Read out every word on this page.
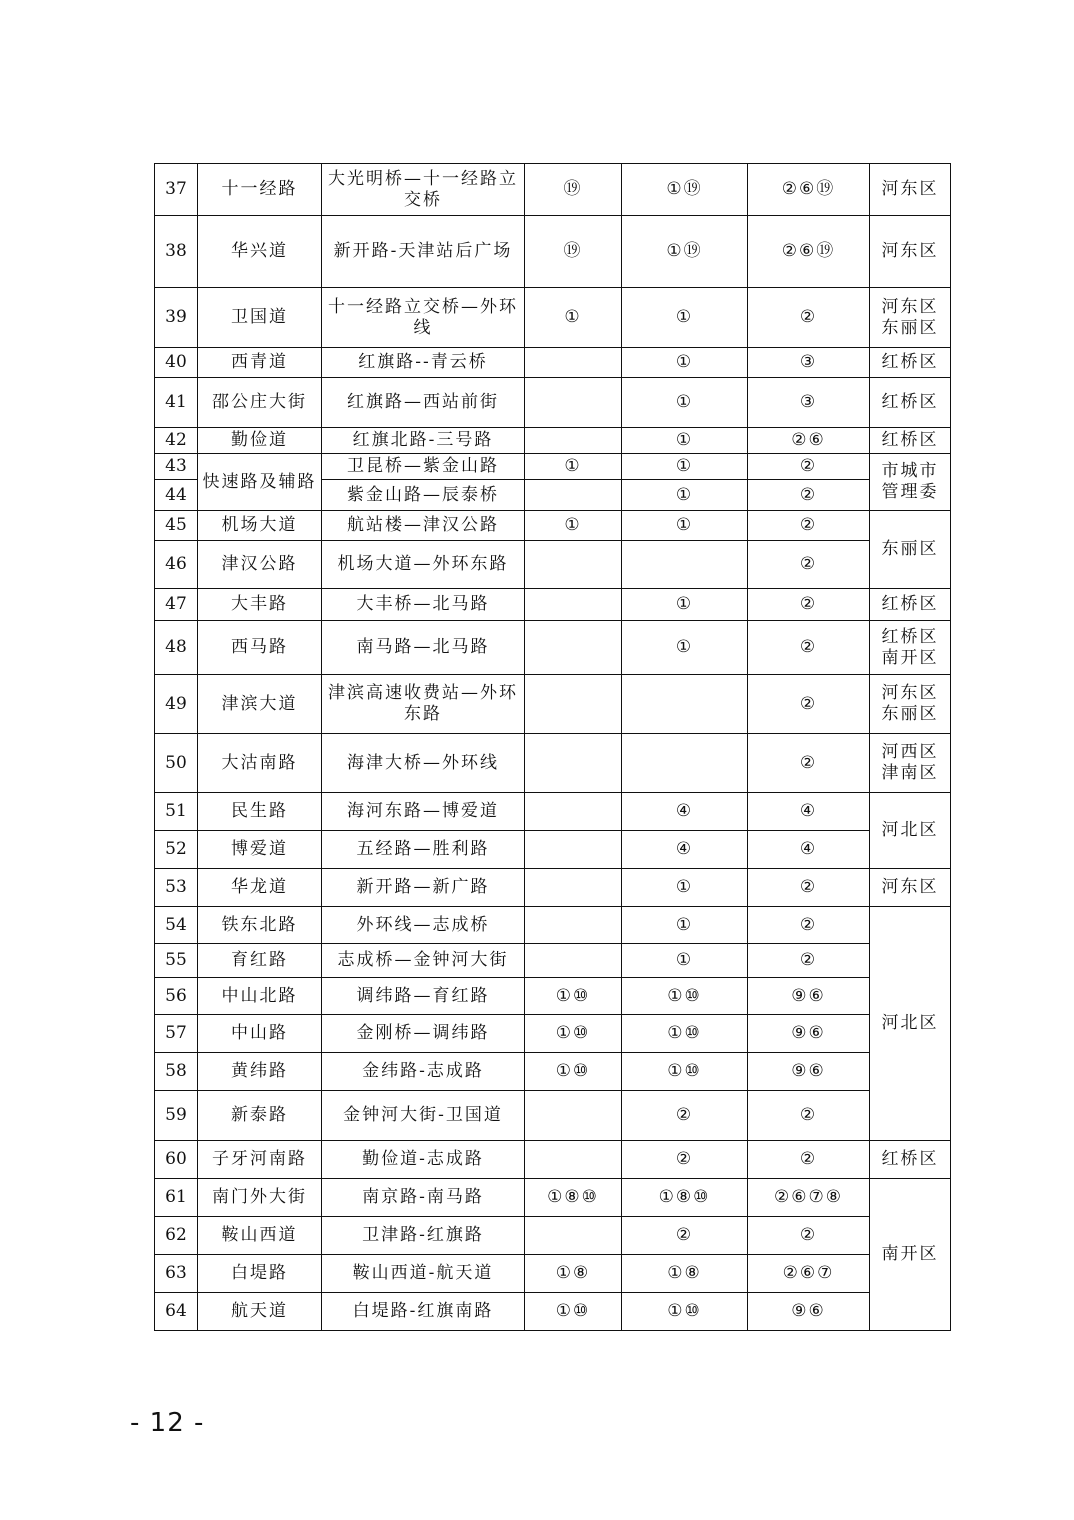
37	十一经路	大光明桥—十一经路立交桥	⑲	①⑲	②⑥⑲	河东区
38	华兴道	新开路-天津站后广场	⑲	①⑲	②⑥⑲	河东区
39	卫国道	十一经路立交桥—外环线	①	①	②	河东区东丽区
40	西青道	红旗路--青云桥		①	③	红桥区
41	邵公庄大街	红旗路—西站前街		①	③	红桥区
42	勤俭道	红旗北路-三号路		①	②⑥	红桥区
43	快速路及辅路	卫昆桥—紫金山路	①	①	②	市城市管理委
44		紫金山路—辰泰桥		①	②	
45	机场大道	航站楼—津汉公路	①	①	②	东丽区
46	津汉公路	机场大道—外环东路			②	
47	大丰路	大丰桥—北马路		①	②	红桥区
48	西马路	南马路—北马路		①	②	红桥区南开区
49	津滨大道	津滨高速收费站—外环东路			②	河东区东丽区
50	大沽南路	海津大桥—外环线			②	河西区津南区
51	民生路	海河东路—博爱道		④	④	河北区
52	博爱道	五经路—胜利路		④	④	
53	华龙道	新开路—新广路		①	②	河东区
54	铁东北路	外环线—志成桥		①	②	河北区
55	育红路	志成桥—金钟河大街		①	②	
56	中山北路	调纬路—育红路	①⑩	①⑩	⑨⑥	
57	中山路	金刚桥—调纬路	①⑩	①⑩	⑨⑥	
58	黄纬路	金纬路-志成路	①⑩	①⑩	⑨⑥	
59	新泰路	金钟河大街-卫国道		②	②	
60	子牙河南路	勤俭道-志成路		②	②	红桥区
61	南门外大街	南京路-南马路	①⑧⑩	①⑧⑩	②⑥⑦⑧	南开区
62	鞍山西道	卫津路-红旗路		②	②	
63	白堤路	鞍山西道-航天道	①⑧	①⑧	②⑥⑦	
64	航天道	白堤路-红旗南路	①⑩	①⑩	⑨⑥	
- 12 -
